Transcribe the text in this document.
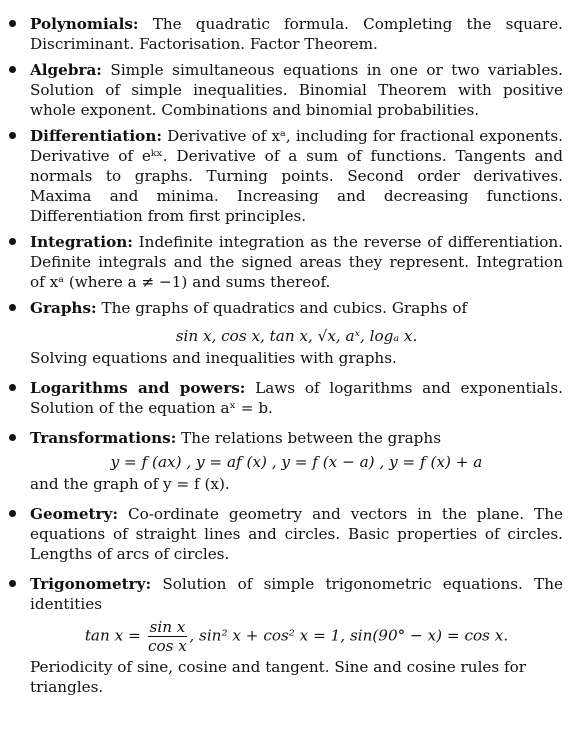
Polynomials: The quadratic formula. Completing the square. Discriminant. Factorisation. Factor Theorem.

Algebra: Simple simultaneous equations in one or two variables. Solution of simple inequalities. Binomial Theorem with positive whole exponent. Combinations and binomial probabilities.

Differentiation: Derivative of xᵃ, including for fractional exponents. Derivative of eᵏˣ. Derivative of a sum of functions. Tangents and normals to graphs. Turning points. Second order derivatives. Maxima and minima. Increasing and decreasing functions. Differentiation from first principles.

Integration: Indefinite integration as the reverse of differentiation. Definite integrals and the signed areas they represent. Integration of xᵃ (where a ≠ −1) and sums thereof.

Graphs: The graphs of quadratics and cubics. Graphs of

sin x, cos x, tan x, √x, aˣ, logₐ x.

Solving equations and inequalities with graphs.

Logarithms and powers: Laws of logarithms and exponentials. Solution of the equation aˣ = b.

Transformations: The relations between the graphs

y = f (ax) , y = af (x) , y = f (x − a) , y = f (x) + a

and the graph of y = f (x).

Geometry: Co-ordinate geometry and vectors in the plane. The equations of straight lines and circles. Basic properties of circles. Lengths of arcs of circles.

Trigonometry: Solution of simple trigonometric equations. The identities

$\tan x = \frac{\text{sin x}}{\text{cos x}}$ , sin² x + cos² x = 1, sin(90° − x) = cos x.

Periodicity of sine, cosine and tangent. Sine and cosine rules for triangles.
